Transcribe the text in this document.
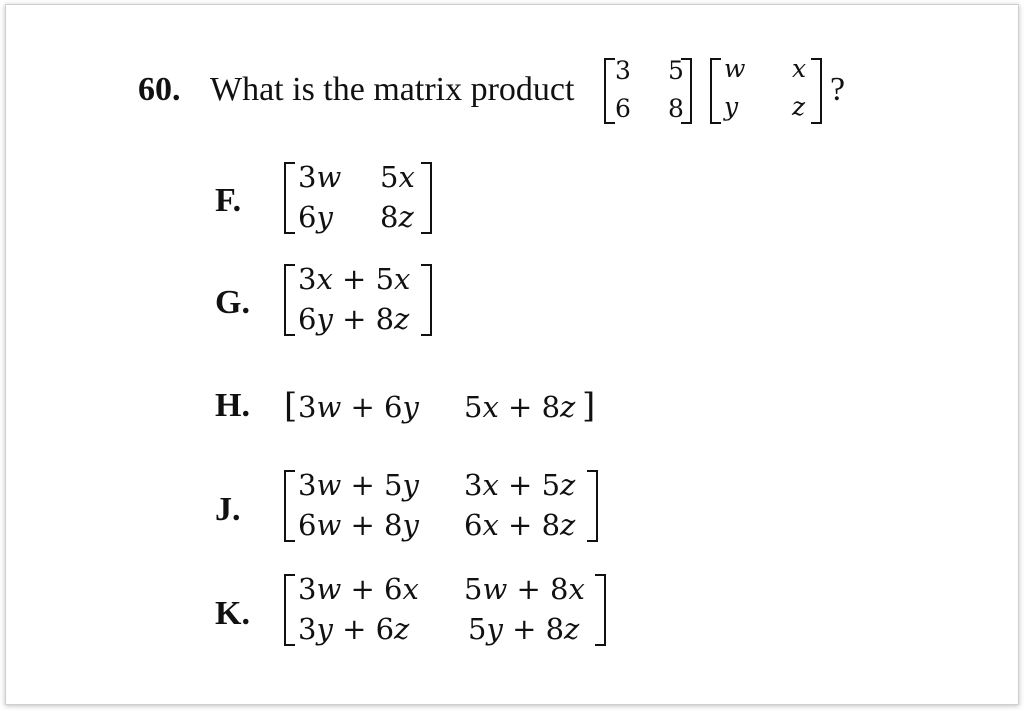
60. What is the matrix product
3 5
6 8
w x
y z ?
F.
3w 5x
6y 8z
G.
3x + 5x
6y + 8z
H. [ 3w + 6y 5x + 8z ]
J.
3w + 5y 3x + 5z
6w + 8y 6x + 8z
K.
3w + 6x 5w + 8x
3y + 6z 5y + 8z
